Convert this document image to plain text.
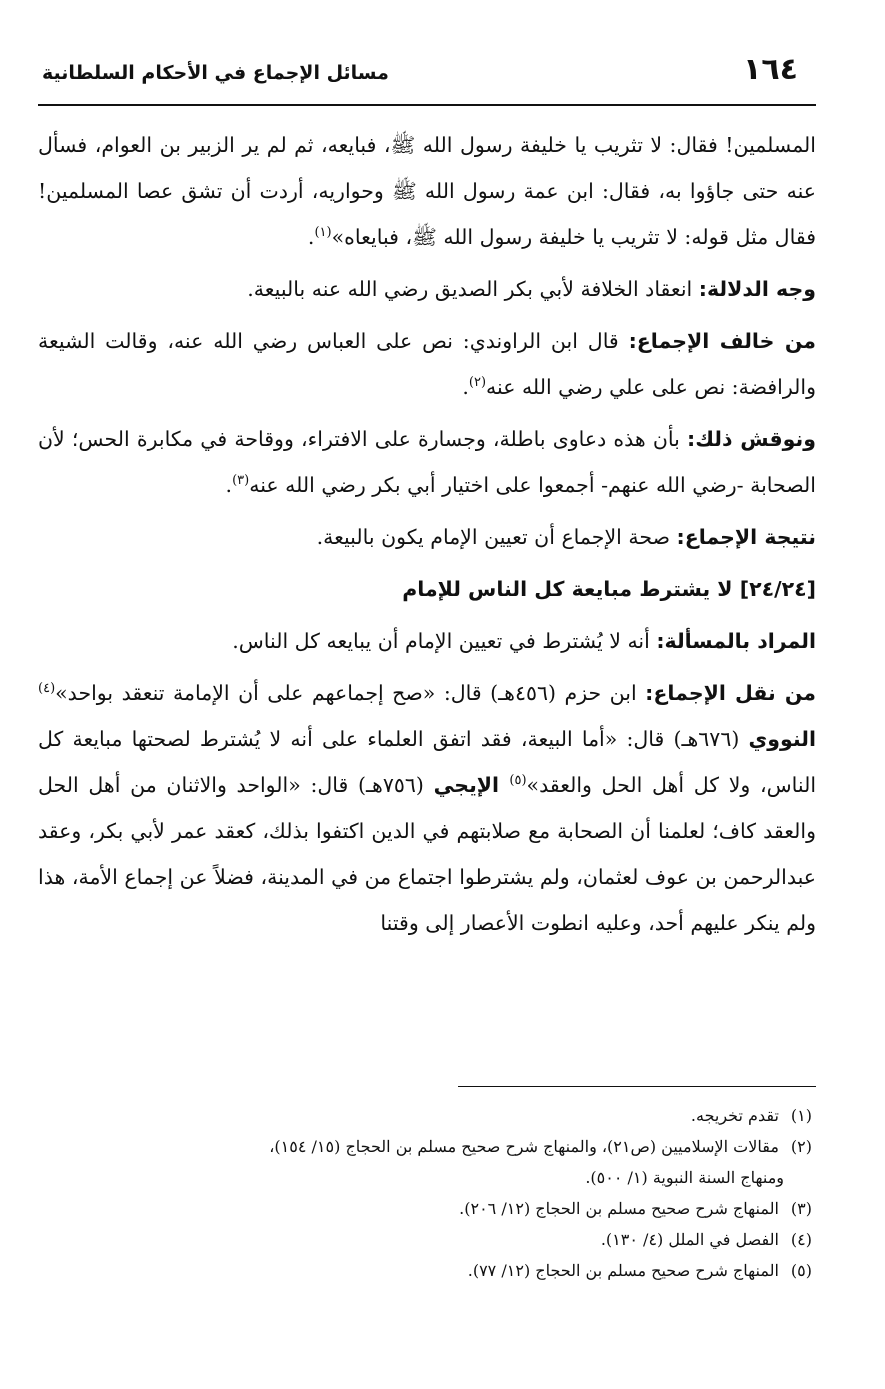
١٦٤
مسائل الإجماع في الأحكام السلطانية

المسلمين! فقال: لا تثريب يا خليفة رسول الله ﷺ، فبايعه، ثم لم ير الزبير بن العوام، فسأل عنه حتى جاؤوا به، فقال: ابن عمة رسول الله ﷺ وحواريه، أردت أن تشق عصا المسلمين! فقال مثل قوله: لا تثريب يا خليفة رسول الله ﷺ، فبايعاه»$^{(١)}$.

وجه الدلالة: انعقاد الخلافة لأبي بكر الصديق رضي الله عنه بالبيعة.

من خالف الإجماع: قال ابن الراوندي: نص على العباس رضي الله عنه، وقالت الشيعة والرافضة: نص على علي رضي الله عنه$^{(٢)}$.

ونوقش ذلك: بأن هذه دعاوى باطلة، وجسارة على الافتراء، ووقاحة في مكابرة الحس؛ لأن الصحابة -رضي الله عنهم- أجمعوا على اختيار أبي بكر رضي الله عنه$^{(٣)}$.

نتيجة الإجماع: صحة الإجماع أن تعيين الإمام يكون بالبيعة.

[٢٤/٢٤] لا يشترط مبايعة كل الناس للإمام

المراد بالمسألة: أنه لا يُشترط في تعيين الإمام أن يبايعه كل الناس.

من نقل الإجماع: ابن حزم (٤٥٦هـ) قال: «صح إجماعهم على أن الإمامة تنعقد بواحد»$^{(٤)}$ النووي (٦٧٦هـ) قال: «أما البيعة، فقد اتفق العلماء على أنه لا يُشترط لصحتها مبايعة كل الناس، ولا كل أهل الحل والعقد»$^{(٥)}$ الإيجي (٧٥٦هـ) قال: «الواحد والاثنان من أهل الحل والعقد كاف؛ لعلمنا أن الصحابة مع صلابتهم في الدين اكتفوا بذلك، كعقد عمر لأبي بكر، وعقد عبدالرحمن بن عوف لعثمان، ولم يشترطوا اجتماع من في المدينة، فضلاً عن إجماع الأمة، هذا ولم ينكر عليهم أحد، وعليه انطوت الأعصار إلى وقتنا

(١) تقدم تخريجه.

(٢) مقالات الإسلاميين (ص٢١)، والمنهاج شرح صحيح مسلم بن الحجاج (١٥/ ١٥٤)،

ومنهاج السنة النبوية (١/ ٥٠٠).

(٣) المنهاج شرح صحيح مسلم بن الحجاج (١٢/ ٢٠٦).

(٤) الفصل في الملل (٤/ ١٣٠).

(٥) المنهاج شرح صحيح مسلم بن الحجاج (١٢/ ٧٧).
